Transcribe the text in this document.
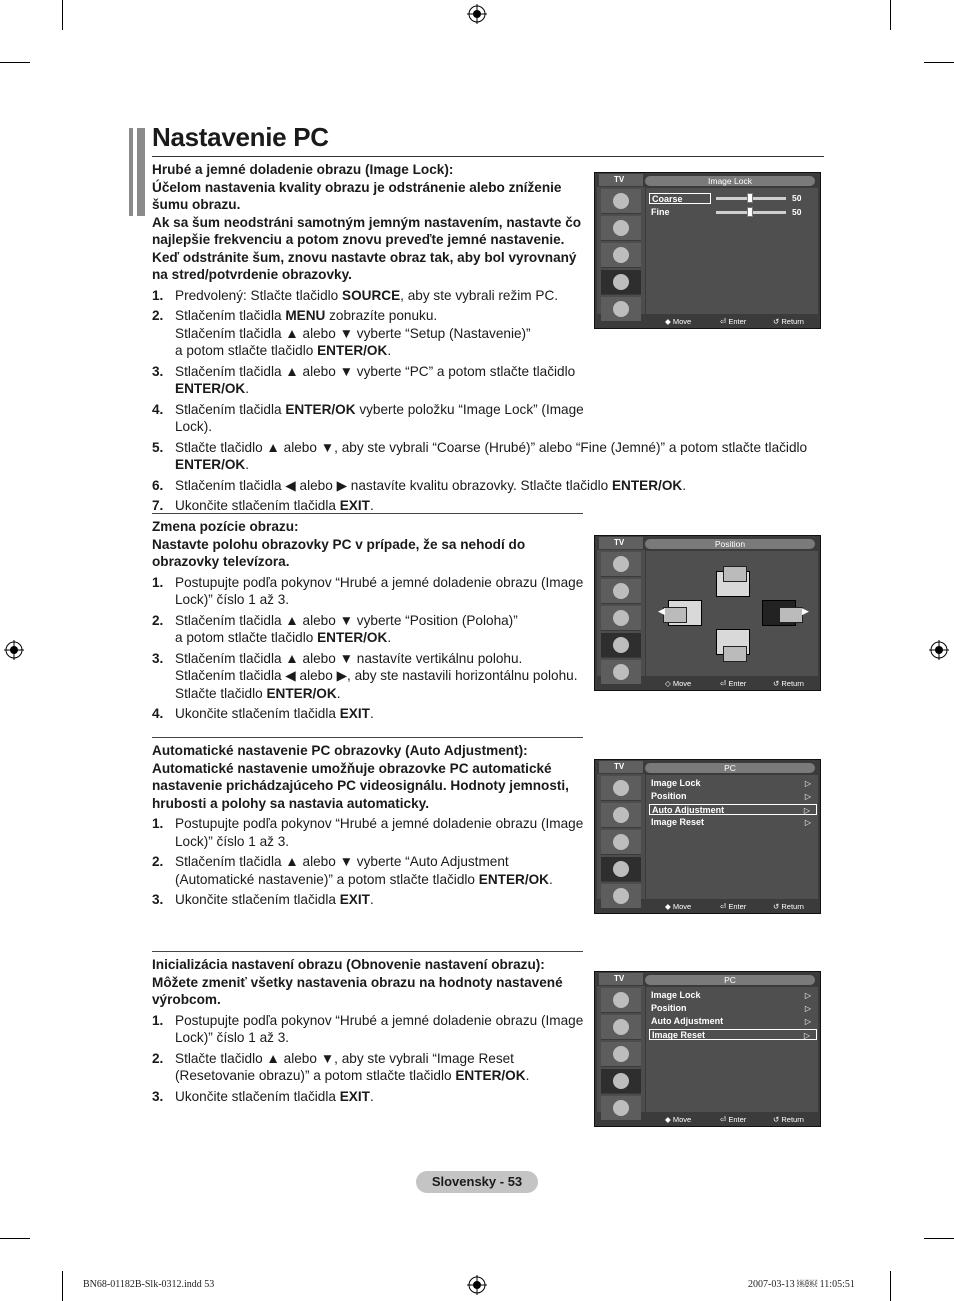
Nastavenie PC
Hrubé a jemné doladenie obrazu (Image Lock):
Účelom nastavenia kvality obrazu je odstránenie alebo zníženie šumu obrazu.
Ak sa šum neodstráni samotným jemným nastavením, nastavte čo najlepšie frekvenciu a potom znovu preveďte jemné nastavenie.
Keď odstránite šum, znovu nastavte obraz tak, aby bol vyrovnaný na stred/potvrdenie obrazovky.
1. Predvolený: Stlačte tlačidlo SOURCE, aby ste vybrali režim PC.
2. Stlačením tlačidla MENU zobrazíte ponuku.
Stlačením tlačidla ▲ alebo ▼ vyberte “Setup (Nastavenie)”
a potom stlačte tlačidlo ENTER/OK.
3. Stlačením tlačidla ▲ alebo ▼ vyberte “PC” a potom stlačte tlačidlo ENTER/OK.
4. Stlačením tlačidla ENTER/OK vyberte položku “Image Lock” (Image Lock).
5. Stlačte tlačidlo ▲ alebo ▼, aby ste vybrali “Coarse (Hrubé)” alebo “Fine (Jemné)” a potom stlačte tlačidlo ENTER/OK.
6. Stlačením tlačidla ◀ alebo ▶ nastavíte kvalitu obrazovky. Stlačte tlačidlo ENTER/OK.
7. Ukončite stlačením tlačidla EXIT.
TV	Image Lock
Coarse	50
Fine	50
◆ Move	⏎ Enter	↺ Return
Zmena pozície obrazu:
Nastavte polohu obrazovky PC v prípade, že sa nehodí do obrazovky televízora.
1. Postupujte podľa pokynov “Hrubé a jemné doladenie obrazu (Image Lock)” číslo 1 až 3.
2. Stlačením tlačidla ▲ alebo ▼ vyberte “Position (Poloha)”
a potom stlačte tlačidlo ENTER/OK.
3. Stlačením tlačidla ▲ alebo ▼ nastavíte vertikálnu polohu.
Stlačením tlačidla ◀ alebo ▶, aby ste nastavili horizontálnu polohu.
Stlačte tlačidlo ENTER/OK.
4. Ukončite stlačením tlačidla EXIT.
TV	Position
◀	▶
◇ Move	⏎ Enter	↺ Return
Automatické nastavenie PC obrazovky (Auto Adjustment):
Automatické nastavenie umožňuje obrazovke PC automatické nastavenie prichádzajúceho PC videosignálu. Hodnoty jemnosti, hrubosti a polohy sa nastavia automaticky.
1. Postupujte podľa pokynov “Hrubé a jemné doladenie obrazu (Image Lock)” číslo 1 až 3.
2. Stlačením tlačidla ▲ alebo ▼ vyberte “Auto Adjustment (Automatické nastavenie)” a potom stlačte tlačidlo ENTER/OK.
3. Ukončite stlačením tlačidla EXIT.
TV	PC
Image Lock	▷
Position	▷
Auto Adjustment	▷
Image Reset	▷
◆ Move	⏎ Enter	↺ Return
Inicializácia nastavení obrazu (Obnovenie nastavení obrazu):
Môžete zmeniť všetky nastavenia obrazu na hodnoty nastavené výrobcom.
1. Postupujte podľa pokynov “Hrubé a jemné doladenie obrazu (Image Lock)” číslo 1 až 3.
2. Stlačte tlačidlo ▲ alebo ▼, aby ste vybrali “Image Reset (Resetovanie obrazu)” a potom stlačte tlačidlo ENTER/OK.
3. Ukončite stlačením tlačidla EXIT.
TV	PC
Image Lock	▷
Position	▷
Auto Adjustment	▷
Image Reset	▷
◆ Move	⏎ Enter	↺ Return
Slovensky - 53
BN68-01182B-Slk-0312.indd 53	2007-03-13 ￼￼ 11:05:51
